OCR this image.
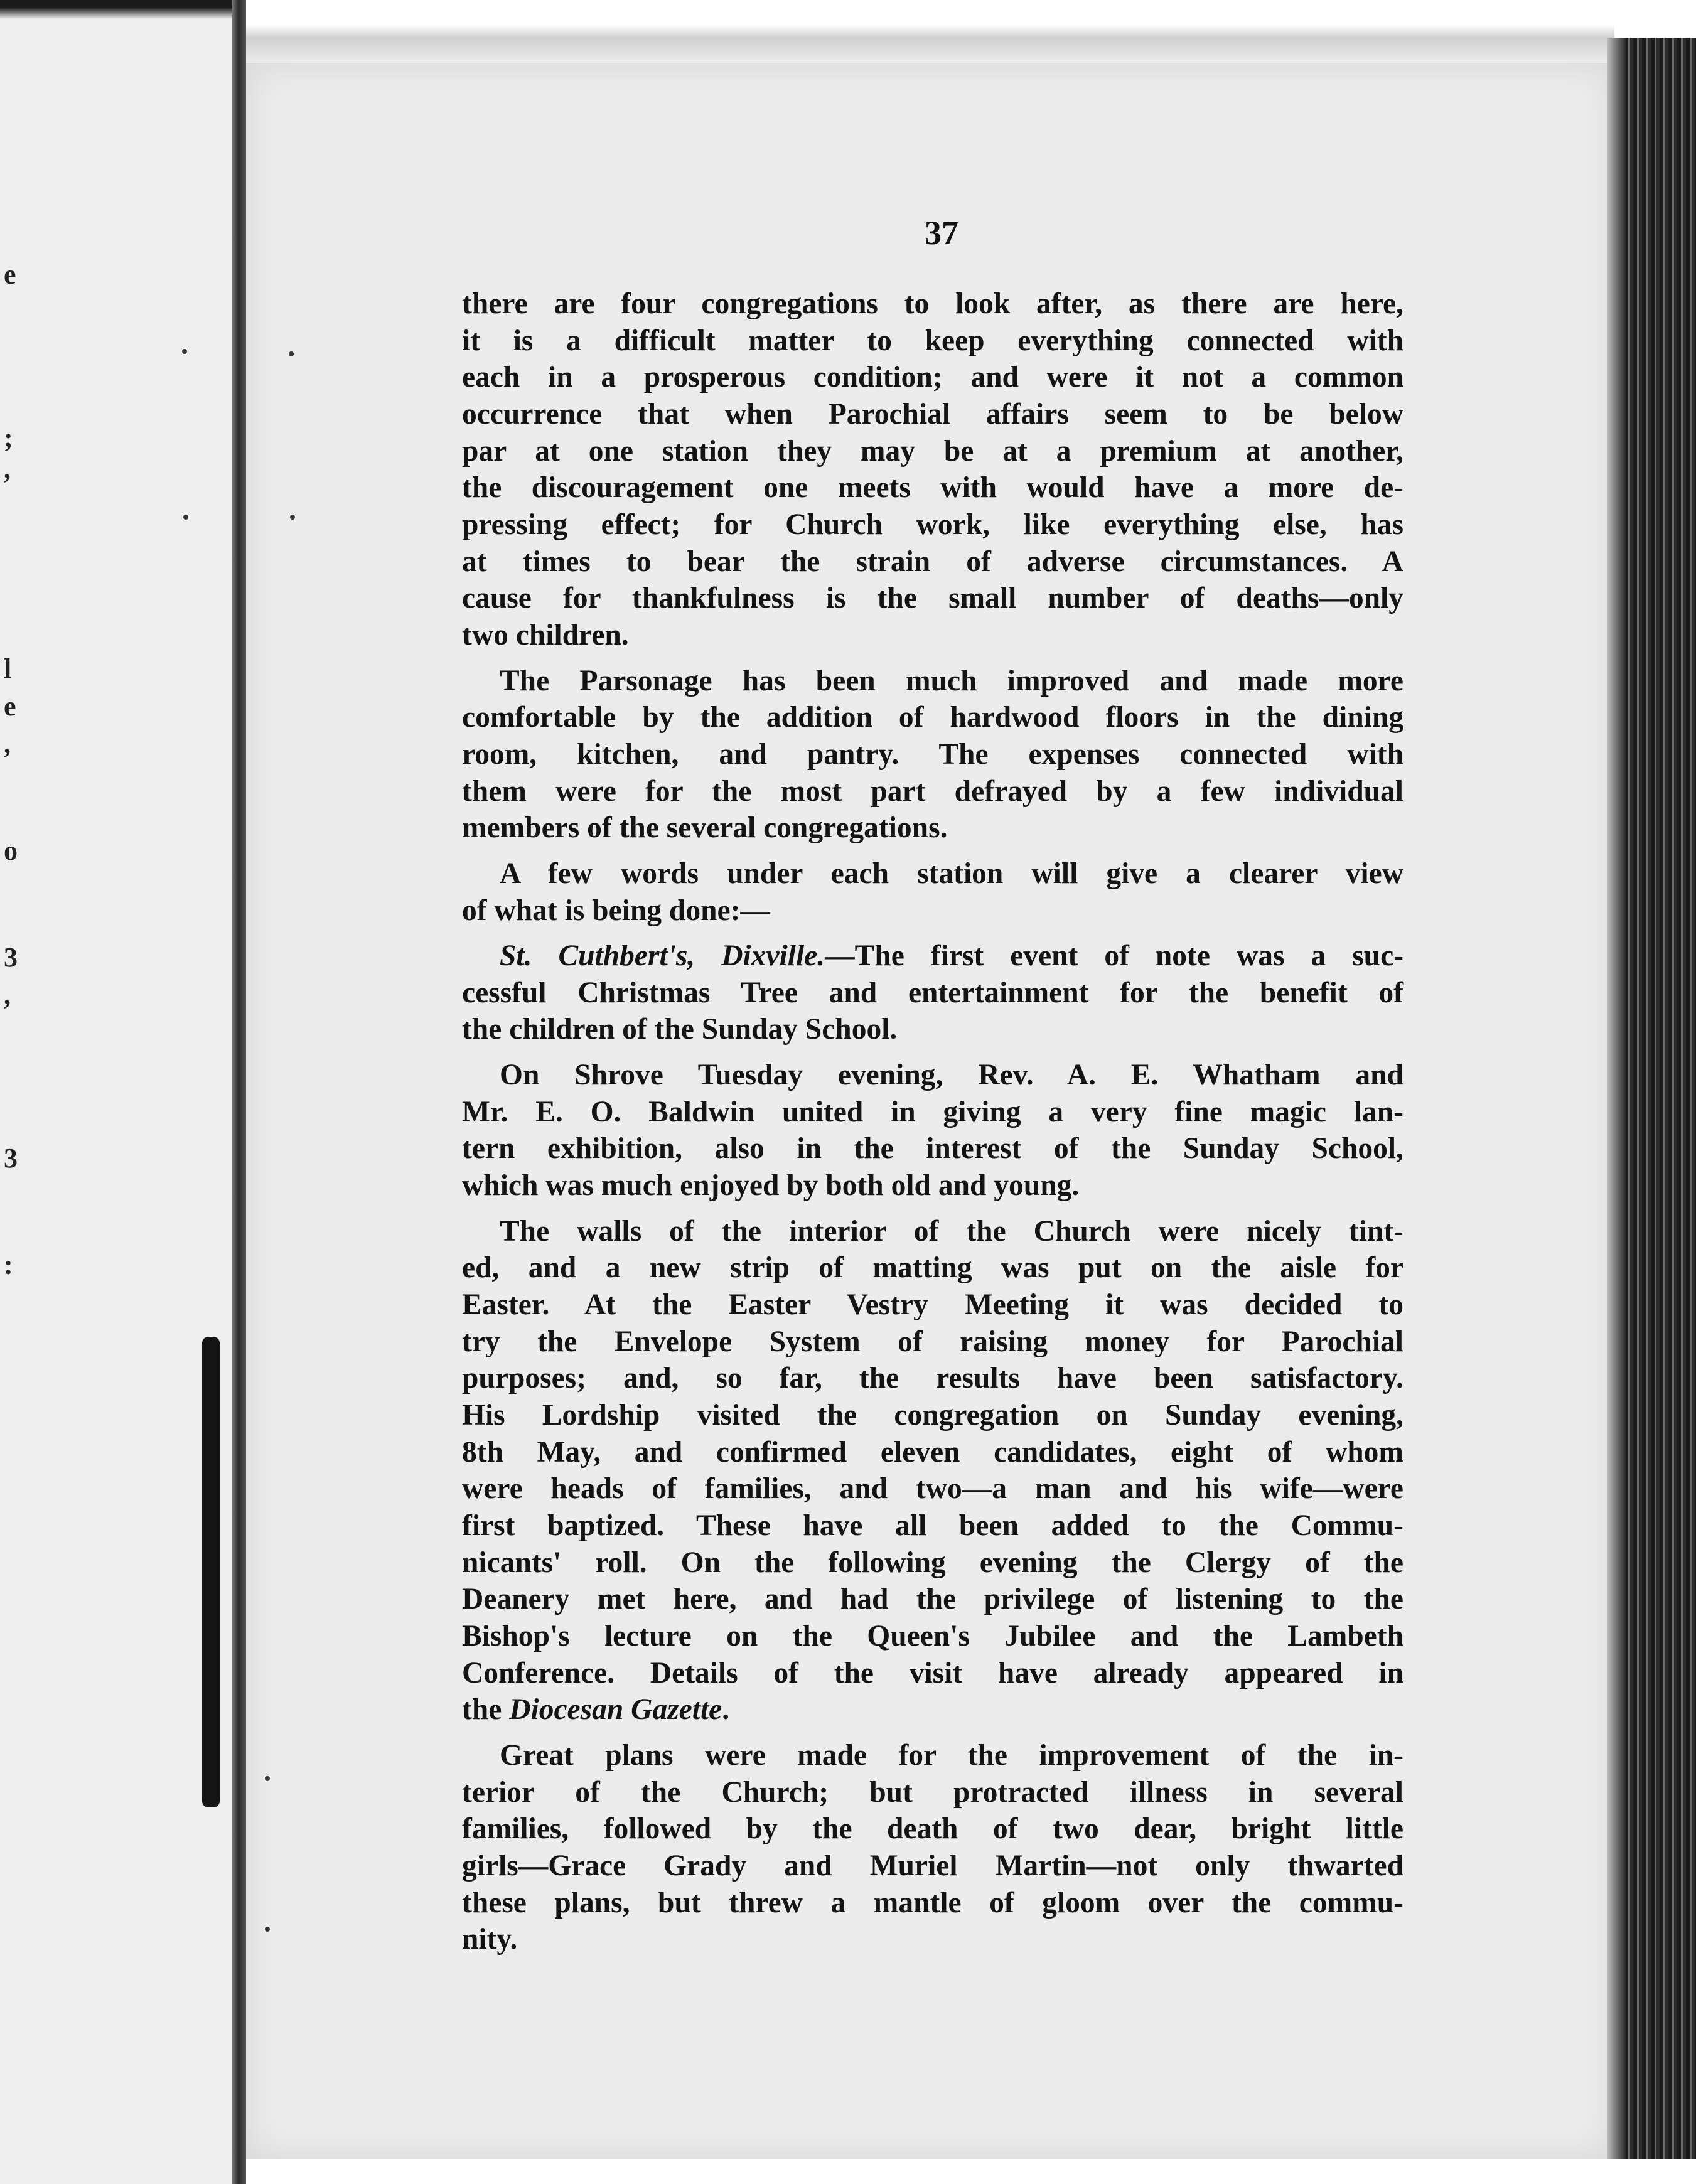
e
;
,
l
e
,
o
3
,
3
:
37
there are four congregations to look after, as there are here,
it is a difficult matter to keep everything connected with
each in a prosperous condition; and were it not a common
occurrence that when Parochial affairs seem to be below
par at one station they may be at a premium at another,
the discouragement one meets with would have a more de-
pressing effect; for Church work, like everything else, has
at times to bear the strain of adverse circumstances. A
cause for thankfulness is the small number of deaths—only
two children.
The Parsonage has been much improved and made more
comfortable by the addition of hardwood floors in the dining
room, kitchen, and pantry. The expenses connected with
them were for the most part defrayed by a few individual
members of the several congregations.
A few words under each station will give a clearer view
of what is being done:—
St. Cuthbert's, Dixville.—The first event of note was a suc-
cessful Christmas Tree and entertainment for the benefit of
the children of the Sunday School.
On Shrove Tuesday evening, Rev. A. E. Whatham and
Mr. E. O. Baldwin united in giving a very fine magic lan-
tern exhibition, also in the interest of the Sunday School,
which was much enjoyed by both old and young.
The walls of the interior of the Church were nicely tint-
ed, and a new strip of matting was put on the aisle for
Easter. At the Easter Vestry Meeting it was decided to
try the Envelope System of raising money for Parochial
purposes; and, so far, the results have been satisfactory.
His Lordship visited the congregation on Sunday evening,
8th May, and confirmed eleven candidates, eight of whom
were heads of families, and two—a man and his wife—were
first baptized. These have all been added to the Commu-
nicants' roll. On the following evening the Clergy of the
Deanery met here, and had the privilege of listening to the
Bishop's lecture on the Queen's Jubilee and the Lambeth
Conference. Details of the visit have already appeared in
the Diocesan Gazette.
Great plans were made for the improvement of the in-
terior of the Church; but protracted illness in several
families, followed by the death of two dear, bright little
girls—Grace Grady and Muriel Martin—not only thwarted
these plans, but threw a mantle of gloom over the commu-
nity.
